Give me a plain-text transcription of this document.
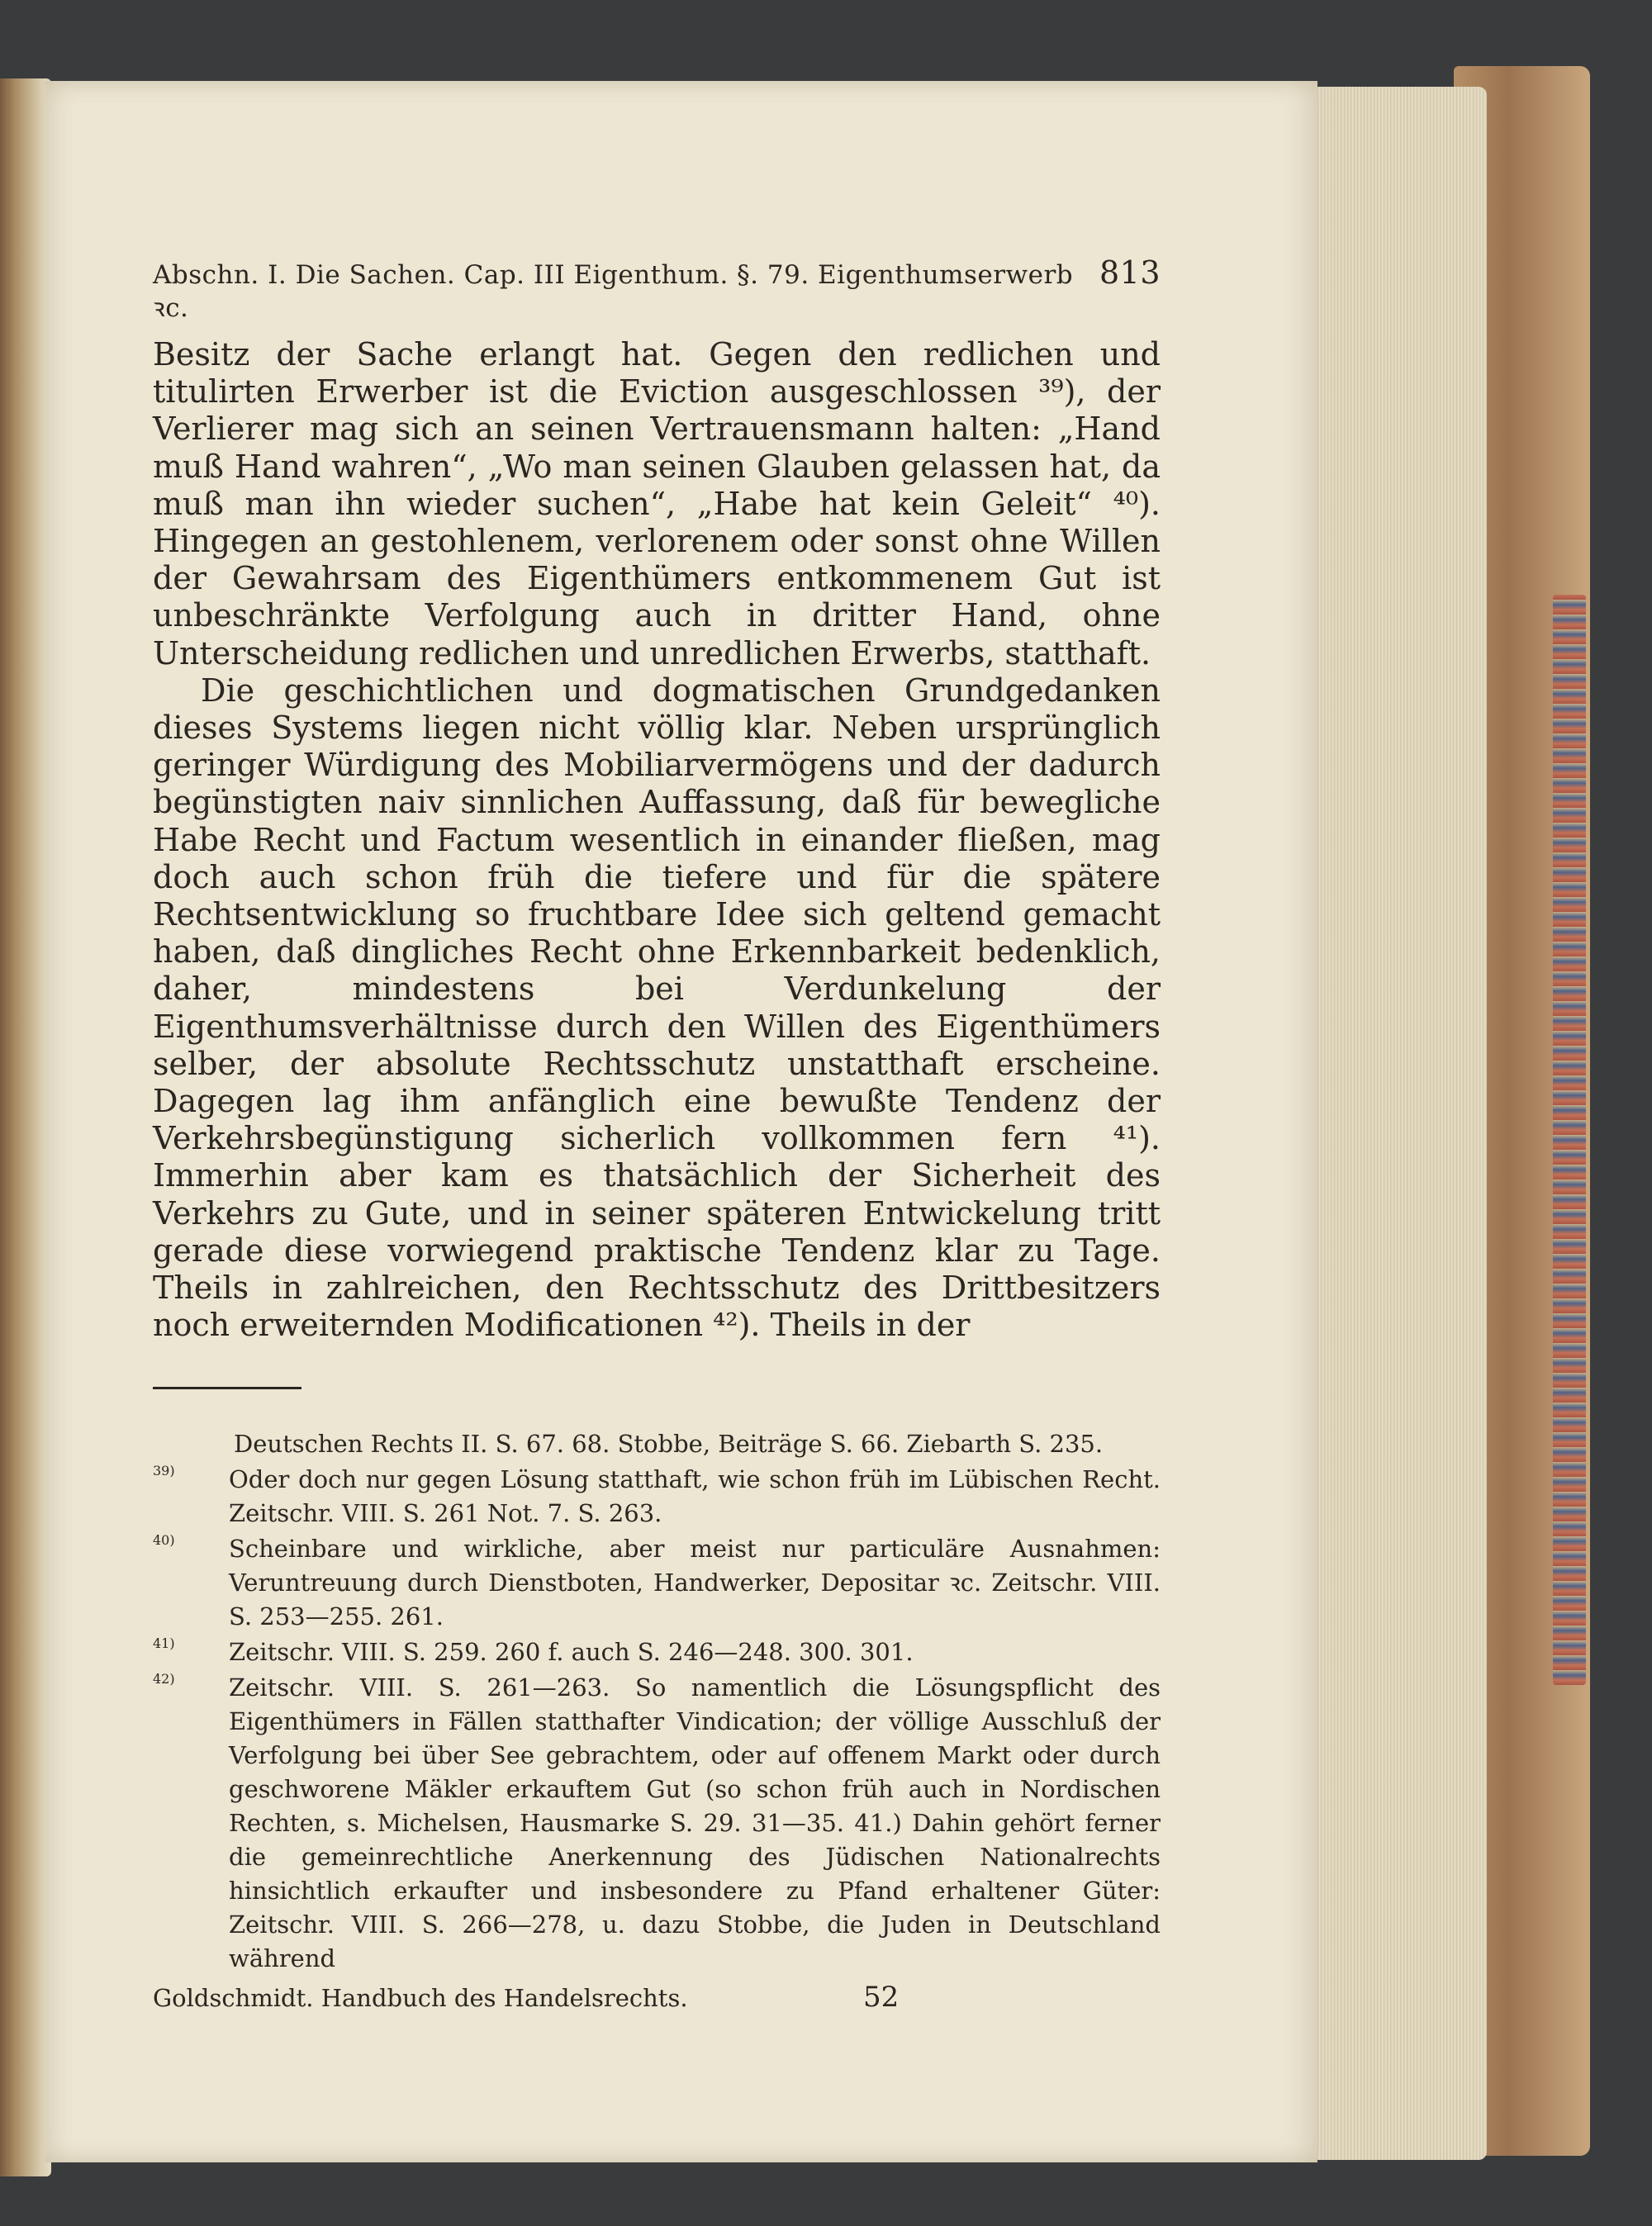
Abschn. I. Die Sachen. Cap. III Eigenthum. §. 79. Eigenthumserwerb ꝛc.
813

Besitz der Sache erlangt hat. Gegen den redlichen und titulirten Erwerber ist die Eviction ausgeschlossen ³⁹), der Verlierer mag sich an seinen Vertrauensmann halten: „Hand muß Hand wahren“, „Wo man seinen Glauben gelassen hat, da muß man ihn wieder suchen“, „Habe hat kein Geleit“ ⁴⁰). Hingegen an gestohlenem, verlorenem oder sonst ohne Willen der Gewahrsam des Eigenthümers entkommenem Gut ist unbeschränkte Verfolgung auch in dritter Hand, ohne Unterscheidung redlichen und unredlichen Erwerbs, statthaft.

Die geschichtlichen und dogmatischen Grundgedanken dieses Systems liegen nicht völlig klar. Neben ursprünglich geringer Würdigung des Mobiliarvermögens und der dadurch begünstigten naiv sinnlichen Auffassung, daß für bewegliche Habe Recht und Factum wesentlich in einander fließen, mag doch auch schon früh die tiefere und für die spätere Rechtsentwicklung so fruchtbare Idee sich geltend gemacht haben, daß dingliches Recht ohne Erkennbarkeit bedenklich, daher, mindestens bei Verdunkelung der Eigenthumsverhältnisse durch den Willen des Eigenthümers selber, der absolute Rechtsschutz unstatthaft erscheine. Dagegen lag ihm anfänglich eine bewußte Tendenz der Verkehrsbegünstigung sicherlich vollkommen fern ⁴¹). Immerhin aber kam es thatsächlich der Sicherheit des Verkehrs zu Gute, und in seiner späteren Entwickelung tritt gerade diese vorwiegend praktische Tendenz klar zu Tage. Theils in zahlreichen, den Rechtsschutz des Drittbesitzers noch erweiternden Modificationen ⁴²). Theils in der

Deutschen Rechts II. S. 67. 68. Stobbe, Beiträge S. 66. Ziebarth S. 235.

39)	Oder doch nur gegen Lösung statthaft, wie schon früh im Lübischen Recht. Zeitschr. VIII. S. 261 Not. 7. S. 263.

40)	Scheinbare und wirkliche, aber meist nur particuläre Ausnahmen: Veruntreuung durch Dienstboten, Handwerker, Depositar ꝛc. Zeitschr. VIII. S. 253—255. 261.

41)	Zeitschr. VIII. S. 259. 260 f. auch S. 246—248. 300. 301.

42)	Zeitschr. VIII. S. 261—263. So namentlich die Lösungspflicht des Eigenthümers in Fällen statthafter Vindication; der völlige Ausschluß der Verfolgung bei über See gebrachtem, oder auf offenem Markt oder durch geschworene Mäkler erkauftem Gut (so schon früh auch in Nordischen Rechten, s. Michelsen, Hausmarke S. 29. 31—35. 41.) Dahin gehört ferner die gemeinrechtliche Anerkennung des Jüdischen Nationalrechts hinsichtlich erkaufter und insbesondere zu Pfand erhaltener Güter: Zeitschr. VIII. S. 266—278, u. dazu Stobbe, die Juden in Deutschland während

Goldschmidt. Handbuch des Handelsrechts.	52
